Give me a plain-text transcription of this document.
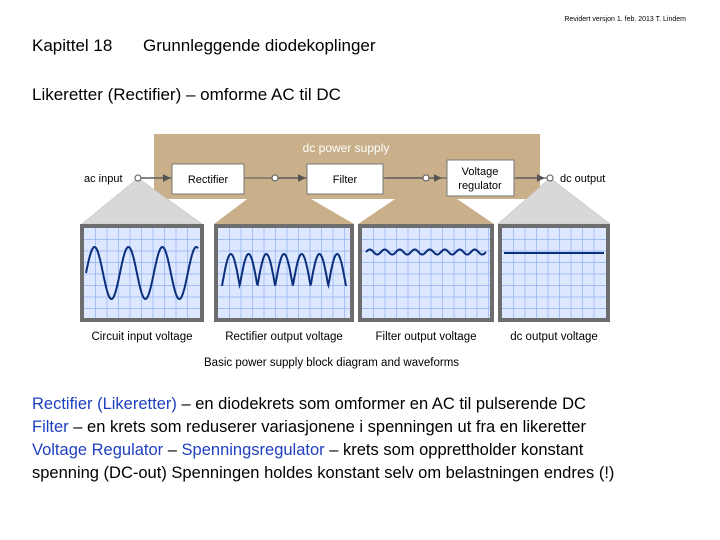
Revidert versjon 1. feb. 2013 T. Lindem
Kapittel 18 Grunnleggende diodekoplinger
Likeretter (Rectifier) – omforme AC til DC
dc power supply
Rectifier	Filter
Voltage
regulator
ac input	dc output
Circuit input voltage	Rectifier output voltage	Filter output voltage	dc output voltage
Basic power supply block diagram and waveforms

Rectifier (Likeretter) – en diodekrets som omformer en AC til pulserende DC

Filter – en krets som reduserer variasjonene i spenningen ut fra en likeretter

Voltage Regulator – Spenningsregulator – krets som opprettholder konstant

spenning (DC-out) Spenningen holdes konstant selv om belastningen endres (!)
